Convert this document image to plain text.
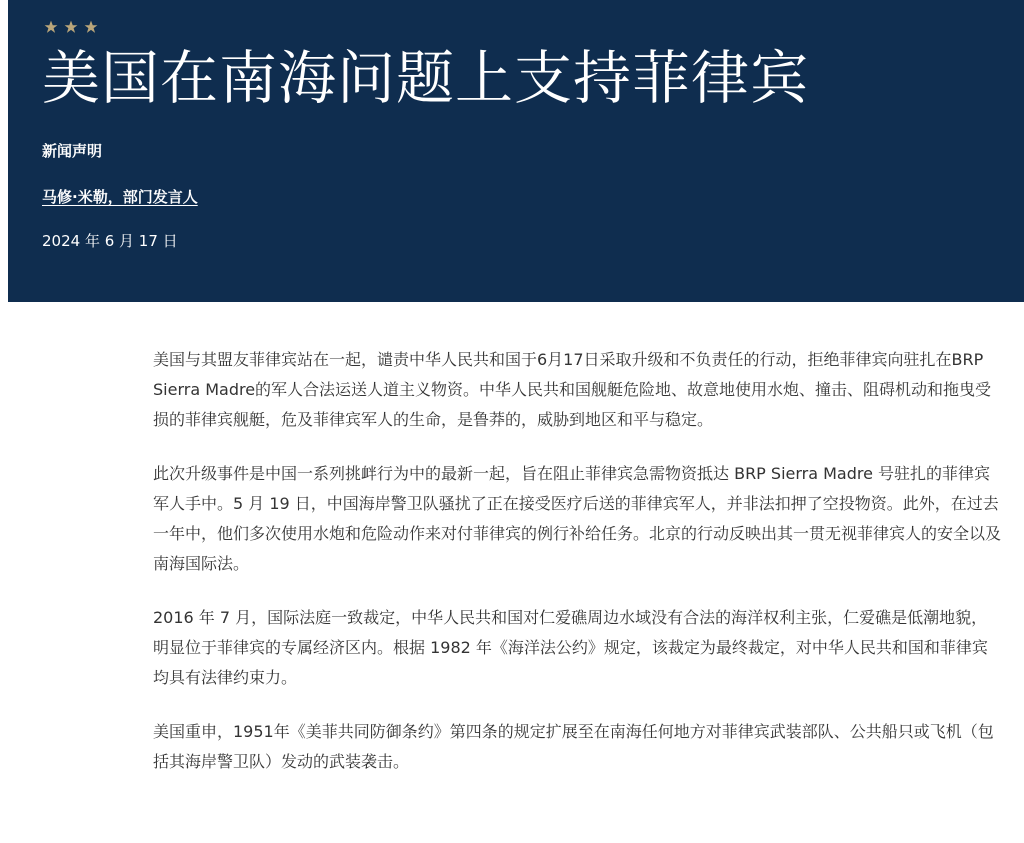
美国在南海问题上支持菲律宾
新闻声明
马修·米勒，部门发言人
2024 年 6 月 17 日

美国与其盟友菲律宾站在一起，谴责中华人民共和国于6月17日采取升级和不负责任的行动，拒绝菲律宾向驻扎在BRP Sierra Madre的军人合法运送人道主义物资。中华人民共和国舰艇危险地、故意地使用水炮、撞击、阻碍机动和拖曳受损的菲律宾舰艇，危及菲律宾军人的生命，是鲁莽的，威胁到地区和平与稳定。

此次升级事件是中国一系列挑衅行为中的最新一起，旨在阻止菲律宾急需物资抵达 BRP Sierra Madre 号驻扎的菲律宾军人手中。5 月 19 日，中国海岸警卫队骚扰了正在接受医疗后送的菲律宾军人，并非法扣押了空投物资。此外，在过去一年中，他们多次使用水炮和危险动作来对付菲律宾的例行补给任务。北京的行动反映出其一贯无视菲律宾人的安全以及南海国际法。

2016 年 7 月，国际法庭一致裁定，中华人民共和国对仁爱礁周边水域没有合法的海洋权利主张，仁爱礁是低潮地貌，明显位于菲律宾的专属经济区内。根据 1982 年《海洋法公约》规定，该裁定为最终裁定，对中华人民共和国和菲律宾均具有法律约束力。

美国重申，1951年《美菲共同防御条约》第四条的规定扩展至在南海任何地方对菲律宾武装部队、公共船只或飞机（包括其海岸警卫队）发动的武装袭击。
